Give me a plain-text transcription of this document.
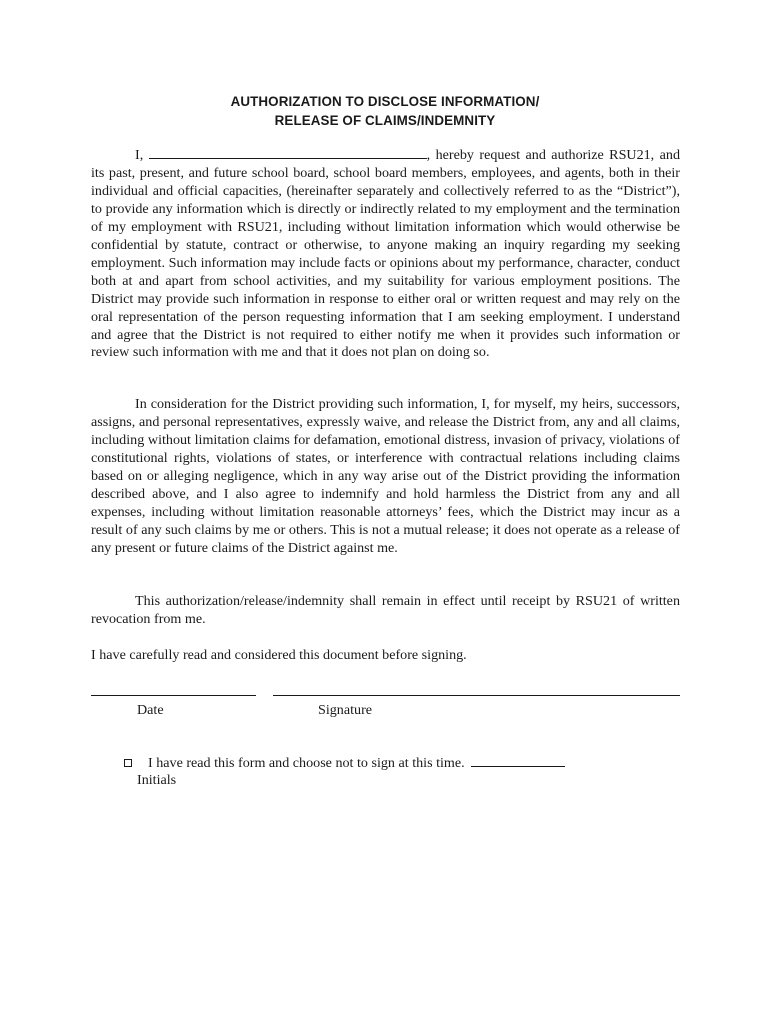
AUTHORIZATION TO DISCLOSE INFORMATION/
RELEASE OF CLAIMS/INDEMNITY

I,	, hereby request and authorize RSU21, and its past, present, and future school board, school board members, employees, and agents, both in their individual and official capacities, (hereinafter separately and collectively referred to as the “District”), to provide any information which is directly or indirectly related to my employment and the termination of my employment with RSU21, including without limitation information which would otherwise be confidential by statute, contract or otherwise, to anyone making an inquiry regarding my seeking employment. Such information may include facts or opinions about my performance, character, conduct both at and apart from school activities, and my suitability for various employment positions. The District may provide such information in response to either oral or written request and may rely on the oral representation of the person requesting information that I am seeking employment. I understand and agree that the District is not required to either notify me when it provides such information or review such information with me and that it does not plan on doing so.

In consideration for the District providing such information, I, for myself, my heirs, successors, assigns, and personal representatives, expressly waive, and release the District from, any and all claims, including without limitation claims for defamation, emotional distress, invasion of privacy, violations of constitutional rights, violations of states, or interference with contractual relations including claims based on or alleging negligence, which in any way arise out of the District providing the information described above, and I also agree to indemnify and hold harmless the District from any and all expenses, including without limitation reasonable attorneys’ fees, which the District may incur as a result of any such claims by me or others. This is not a mutual release; it does not operate as a release of any present or future claims of the District against me.

This authorization/release/indemnity shall remain in effect until receipt by RSU21 of written revocation from me.

I have carefully read and considered this document before signing.

Date	Signature
I have read this form and choose not to sign at this time.
Initials
